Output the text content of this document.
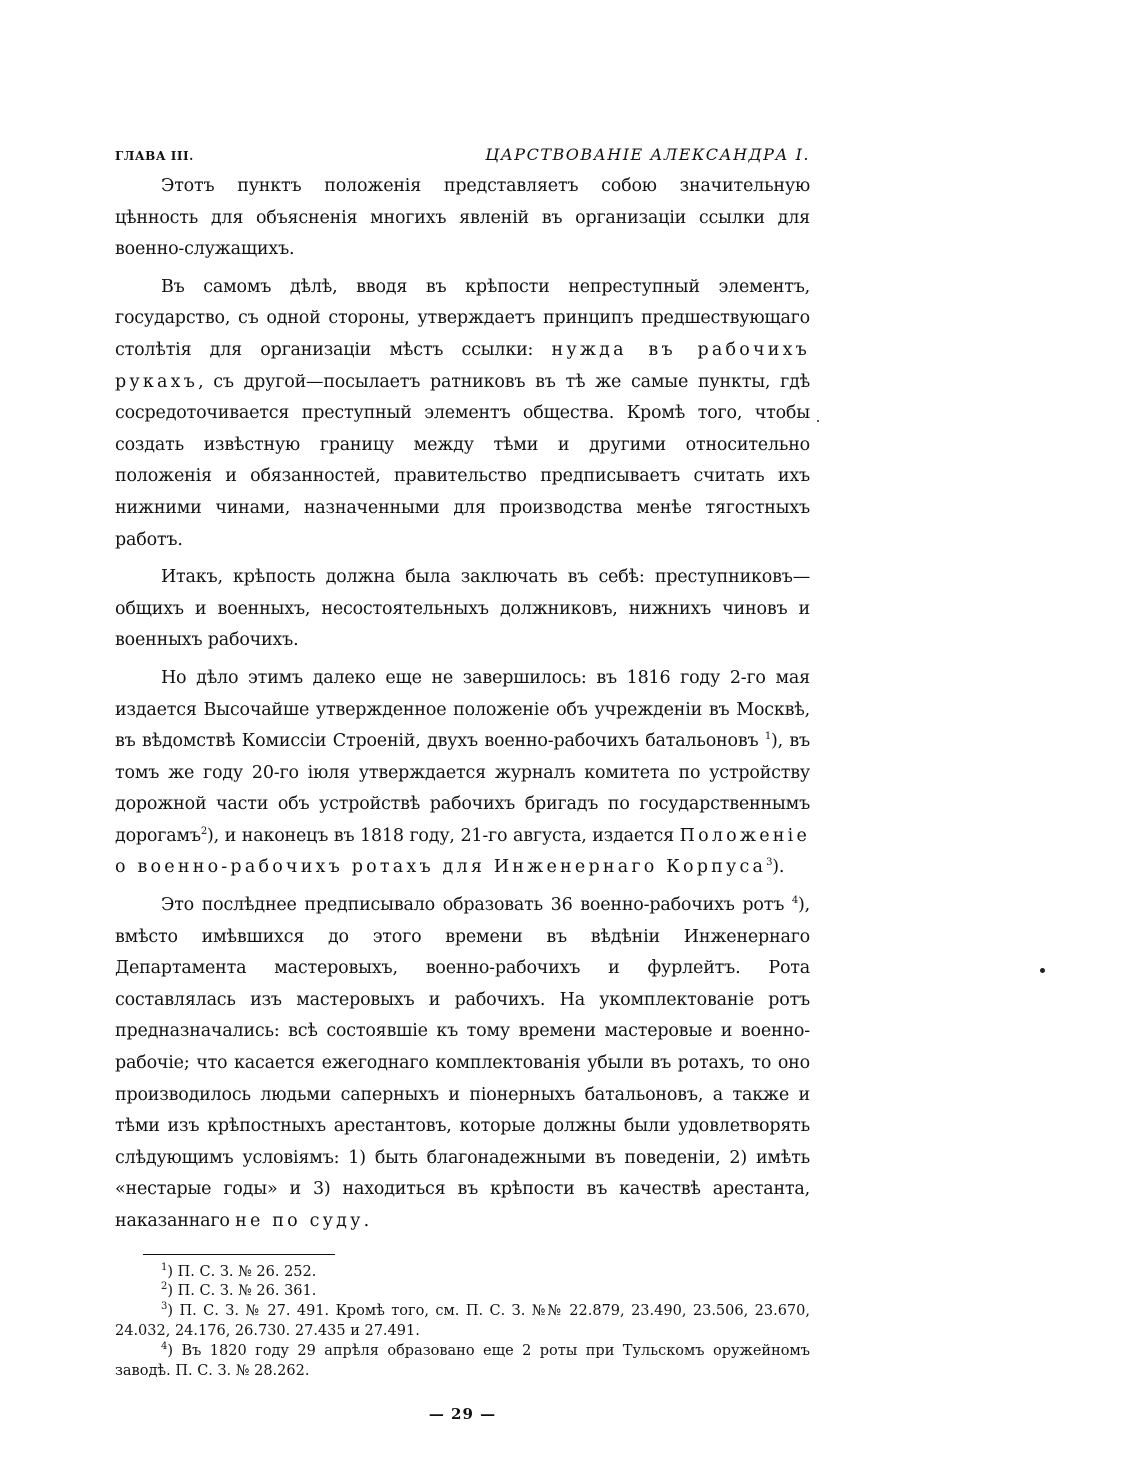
ГЛАВА III.	ЦАРСТВОВАНІЕ АЛЕКСАНДРА I.

Этотъ пунктъ положенія представляетъ собою значительную цѣнность для объясненія многихъ явленій въ организаціи ссылки для военно-служащихъ.

Въ самомъ дѣлѣ, вводя въ крѣпости непреступный элементъ, государство, съ одной стороны, утверждаетъ принципъ предшествующаго столѣтія для организаціи мѣстъ ссылки: нужда въ рабочихъ рукахъ, съ другой—посылаетъ ратниковъ въ тѣ же самые пункты, гдѣ сосредоточивается преступный элементъ общества. Кромѣ того, чтобы создать извѣстную границу между тѣми и другими относительно положенія и обязанностей, правительство предписываетъ считать ихъ нижними чинами, назначенными для производства менѣе тягостныхъ работъ.

Итакъ, крѣпость должна была заключать въ себѣ: преступниковъ—общихъ и военныхъ, несостоятельныхъ должниковъ, нижнихъ чиновъ и военныхъ рабочихъ.

Но дѣло этимъ далеко еще не завершилось: въ 1816 году 2-го мая издается Высочайше утвержденное положеніе объ учрежденіи въ Москвѣ, въ вѣдомствѣ Комиссіи Строеній, двухъ военно-рабочихъ батальоновъ $^1$), въ томъ же году 20-го іюля утверждается журналъ комитета по устройству дорожной части объ устройствѣ рабочихъ бригадъ по государственнымъ дорогамъ$^2$), и наконецъ въ 1818 году, 21-го августа, издается Положеніе о военно-рабочихъ ротахъ для Инженернаго Корпуса$^3$).

Это послѣднее предписывало образовать 36 военно-рабочихъ ротъ $^4$), вмѣсто имѣвшихся до этого времени въ вѣдѣніи Инженернаго Департамента мастеровыхъ, военно-рабочихъ и фурлейтъ. Рота составлялась изъ мастеровыхъ и рабочихъ. На укомплектованіе ротъ предназначались: всѣ состоявшіе къ тому времени мастеровые и военно-рабочіе; что касается ежегоднаго комплектованія убыли въ ротахъ, то оно производилось людьми саперныхъ и піонерныхъ батальоновъ, а также и тѣми изъ крѣпостныхъ арестантовъ, которые должны были удовлетворять слѣдующимъ условіямъ: 1) быть благонадежными въ поведеніи, 2) имѣть «нестарые годы» и 3) находиться въ крѣпости въ качествѣ арестанта, наказаннаго не по суду.

$^1$) П. С. З. № 26. 252.

$^2$) П. С. З. № 26. 361.

$^3$) П. С. З. № 27. 491. Кромѣ того, см. П. С. З. №№ 22.879, 23.490, 23.506, 23.670, 24.032, 24.176, 26.730. 27.435 и 27.491.

$^4$) Въ 1820 году 29 апрѣля образовано еще 2 роты при Тульскомъ оружейномъ заводѣ. П. С. З. № 28.262.

— 29 —
